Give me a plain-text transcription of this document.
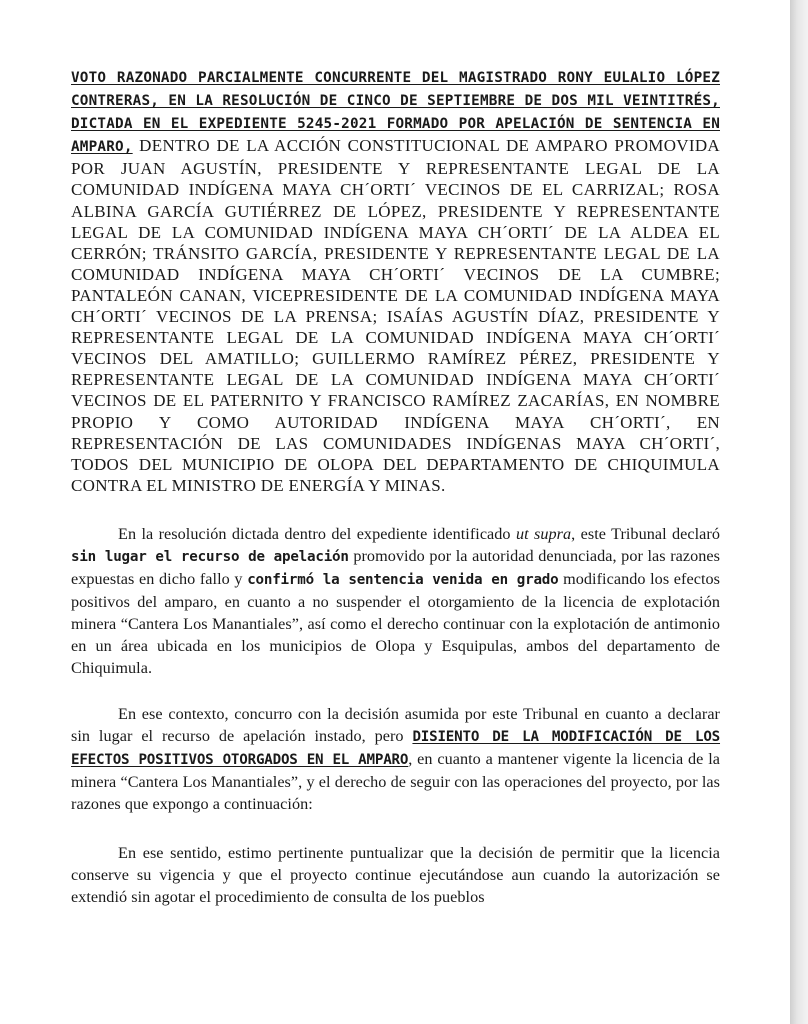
VOTO RAZONADO PARCIALMENTE CONCURRENTE DEL MAGISTRADO RONY EULALIO LÓPEZ CONTRERAS, EN LA RESOLUCIÓN DE CINCO DE SEPTIEMBRE DE DOS MIL VEINTITRÉS, DICTADA EN EL EXPEDIENTE 5245-2021 FORMADO POR APELACIÓN DE SENTENCIA EN AMPARO, DENTRO DE LA ACCIÓN CONSTITUCIONAL DE AMPARO PROMOVIDA POR JUAN AGUSTÍN, PRESIDENTE Y REPRESENTANTE LEGAL DE LA COMUNIDAD INDÍGENA MAYA CH´ORTI´ VECINOS DE EL CARRIZAL; ROSA ALBINA GARCÍA GUTIÉRREZ DE LÓPEZ, PRESIDENTE Y REPRESENTANTE LEGAL DE LA COMUNIDAD INDÍGENA MAYA CH´ORTI´ DE LA ALDEA EL CERRÓN; TRÁNSITO GARCÍA, PRESIDENTE Y REPRESENTANTE LEGAL DE LA COMUNIDAD INDÍGENA MAYA CH´ORTI´ VECINOS DE LA CUMBRE; PANTALEÓN CANAN, VICEPRESIDENTE DE LA COMUNIDAD INDÍGENA MAYA CH´ORTI´ VECINOS DE LA PRENSA; ISAÍAS AGUSTÍN DÍAZ, PRESIDENTE Y REPRESENTANTE LEGAL DE LA COMUNIDAD INDÍGENA MAYA CH´ORTI´ VECINOS DEL AMATILLO; GUILLERMO RAMÍREZ PÉREZ, PRESIDENTE Y REPRESENTANTE LEGAL DE LA COMUNIDAD INDÍGENA MAYA CH´ORTI´ VECINOS DE EL PATERNITO Y FRANCISCO RAMÍREZ ZACARÍAS, EN NOMBRE PROPIO Y COMO AUTORIDAD INDÍGENA MAYA CH´ORTI´, EN REPRESENTACIÓN DE LAS COMUNIDADES INDÍGENAS MAYA CH´ORTI´, TODOS DEL MUNICIPIO DE OLOPA DEL DEPARTAMENTO DE CHIQUIMULA CONTRA EL MINISTRO DE ENERGÍA Y MINAS.

En la resolución dictada dentro del expediente identificado ut supra, este Tribunal declaró sin lugar el recurso de apelación promovido por la autoridad denunciada, por las razones expuestas en dicho fallo y confirmó la sentencia venida en grado modificando los efectos positivos del amparo, en cuanto a no suspender el otorgamiento de la licencia de explotación minera “Cantera Los Manantiales”, así como el derecho continuar con la explotación de antimonio en un área ubicada en los municipios de Olopa y Esquipulas, ambos del departamento de Chiquimula.

En ese contexto, concurro con la decisión asumida por este Tribunal en cuanto a declarar sin lugar el recurso de apelación instado, pero DISIENTO DE LA MODIFICACIÓN DE LOS EFECTOS POSITIVOS OTORGADOS EN EL AMPARO, en cuanto a mantener vigente la licencia de la minera “Cantera Los Manantiales”, y el derecho de seguir con las operaciones del proyecto, por las razones que expongo a continuación:

En ese sentido, estimo pertinente puntualizar que la decisión de permitir que la licencia conserve su vigencia y que el proyecto continue ejecutándose aun cuando la autorización se extendió sin agotar el procedimiento de consulta de los pueblos
